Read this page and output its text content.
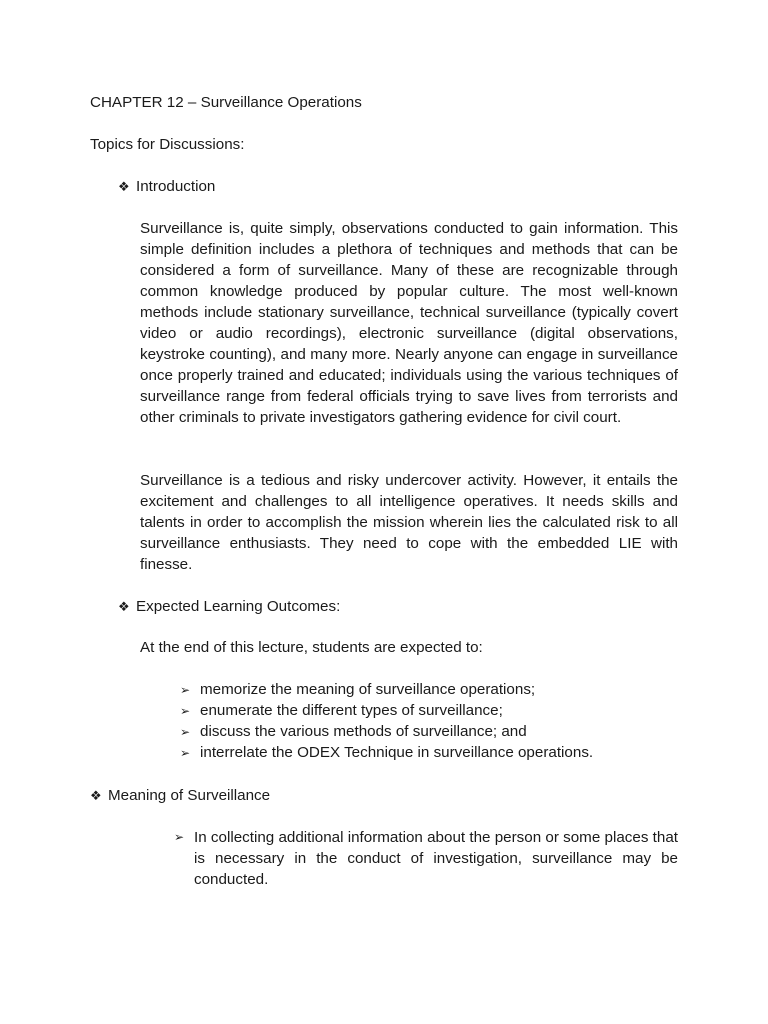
CHAPTER 12 – Surveillance Operations
Topics for Discussions:
❖ Introduction
Surveillance is, quite simply, observations conducted to gain information. This simple definition includes a plethora of techniques and methods that can be considered a form of surveillance. Many of these are recognizable through common knowledge produced by popular culture. The most well-known methods include stationary surveillance, technical surveillance (typically covert video or audio recordings), electronic surveillance (digital observations, keystroke counting), and many more. Nearly anyone can engage in surveillance once properly trained and educated; individuals using the various techniques of surveillance range from federal officials trying to save lives from terrorists and other criminals to private investigators gathering evidence for civil court.
Surveillance is a tedious and risky undercover activity. However, it entails the excitement and challenges to all intelligence operatives. It needs skills and talents in order to accomplish the mission wherein lies the calculated risk to all surveillance enthusiasts. They need to cope with the embedded LIE with finesse.
❖ Expected Learning Outcomes:
At the end of this lecture, students are expected to:
➢ memorize the meaning of surveillance operations;
➢ enumerate the different types of surveillance;
➢ discuss the various methods of surveillance; and
➢ interrelate the ODEX Technique in surveillance operations.
❖ Meaning of Surveillance
➢ In collecting additional information about the person or some places that is necessary in the conduct of investigation, surveillance may be conducted.
